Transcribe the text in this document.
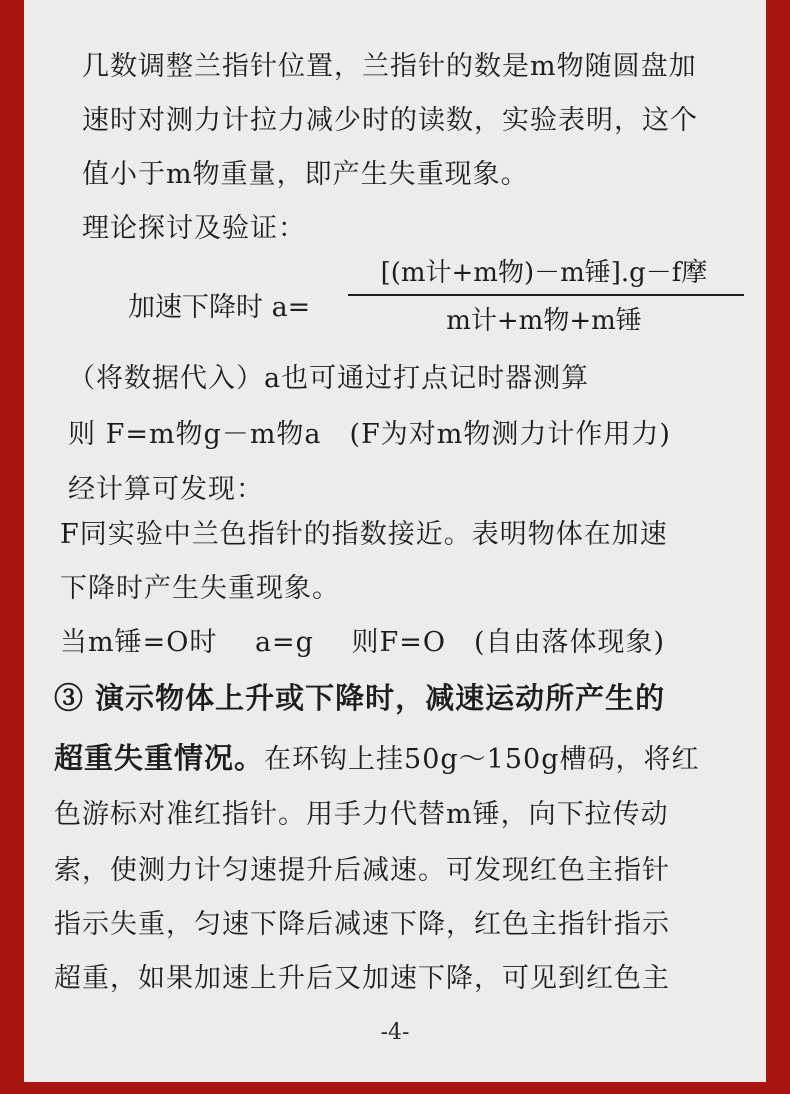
几数调整兰指针位置，兰指针的数是m物随圆盘加
速时对测力计拉力减少时的读数，实验表明，这个
值小于m物重量，即产生失重现象。
理论探讨及验证：
加速下降时 a=
[(m计+m物)－m锤].g－f摩
m计+m物+m锤
（将数据代入）a也可通过打点记时器测算
则 F=m物g－m物a　(F为对m物测力计作用力)
经计算可发现：
F同实验中兰色指针的指数接近。表明物体在加速
下降时产生失重现象。
当m锤=O时　 a=g　 则F=O　(自由落体现象)
③ 演示物体上升或下降时，减速运动所产生的
超重失重情况。在环钩上挂50g～150g槽码，将红
色游标对准红指针。用手力代替m锤，向下拉传动
索，使测力计匀速提升后减速。可发现红色主指针
指示失重，匀速下降后减速下降，红色主指针指示
超重，如果加速上升后又加速下降，可见到红色主
-4-
